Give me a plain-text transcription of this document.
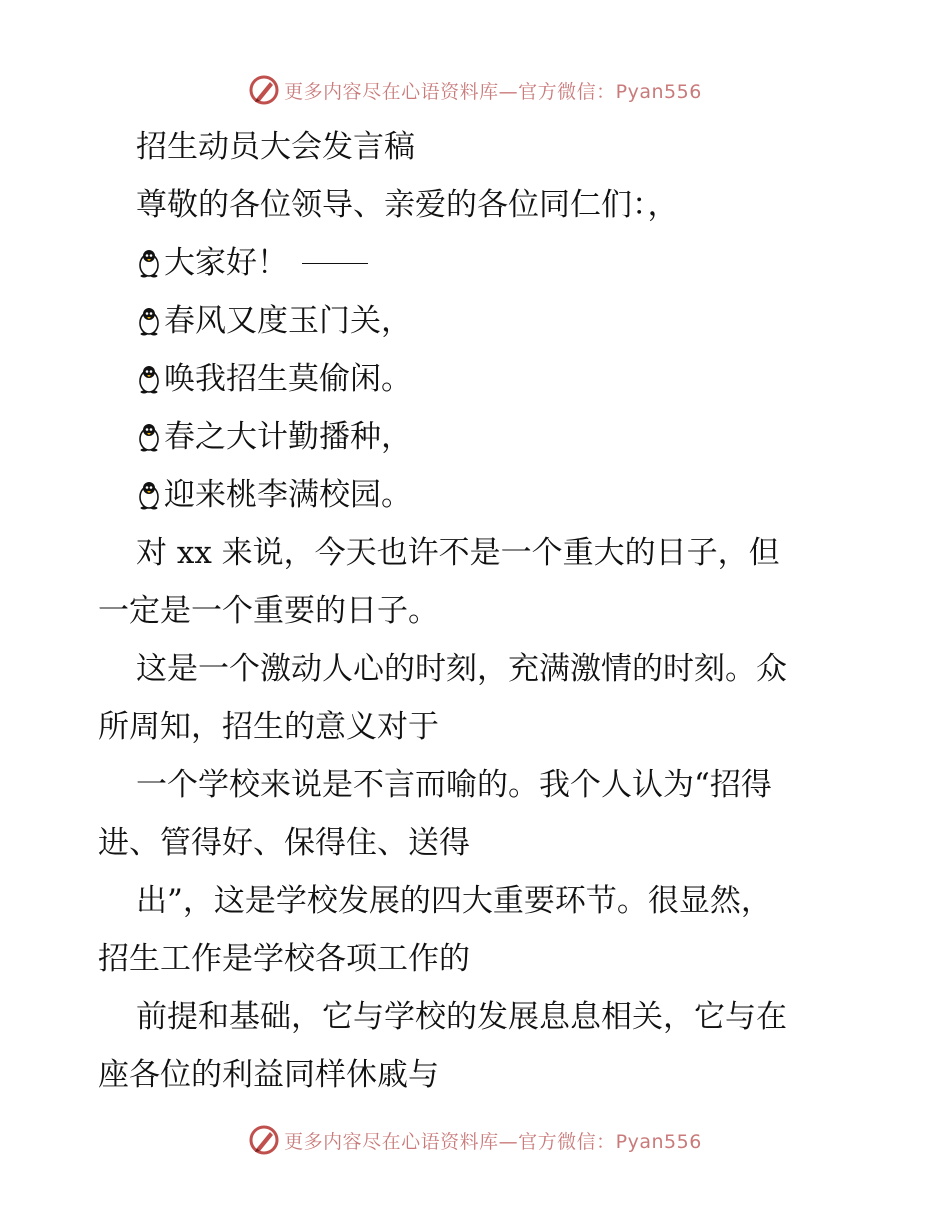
更多内容尽在心语资料库—官方微信：Pyan556
招生动员大会发言稿
尊敬的各位领导、亲爱的各位同仁们：，
大家好！
春风又度玉门关，
唤我招生莫偷闲。
春之大计勤播种，
迎来桃李满校园。
对 xx 来说，今天也许不是一个重大的日子，但
一定是一个重要的日子。
这是一个激动人心的时刻，充满激情的时刻。众
所周知，招生的意义对于
一个学校来说是不言而喻的。我个人认为“招得
进、管得好、保得住、送得
出”，这是学校发展的四大重要环节。很显然，
招生工作是学校各项工作的
前提和基础，它与学校的发展息息相关，它与在
座各位的利益同样休戚与
更多内容尽在心语资料库—官方微信：Pyan556
